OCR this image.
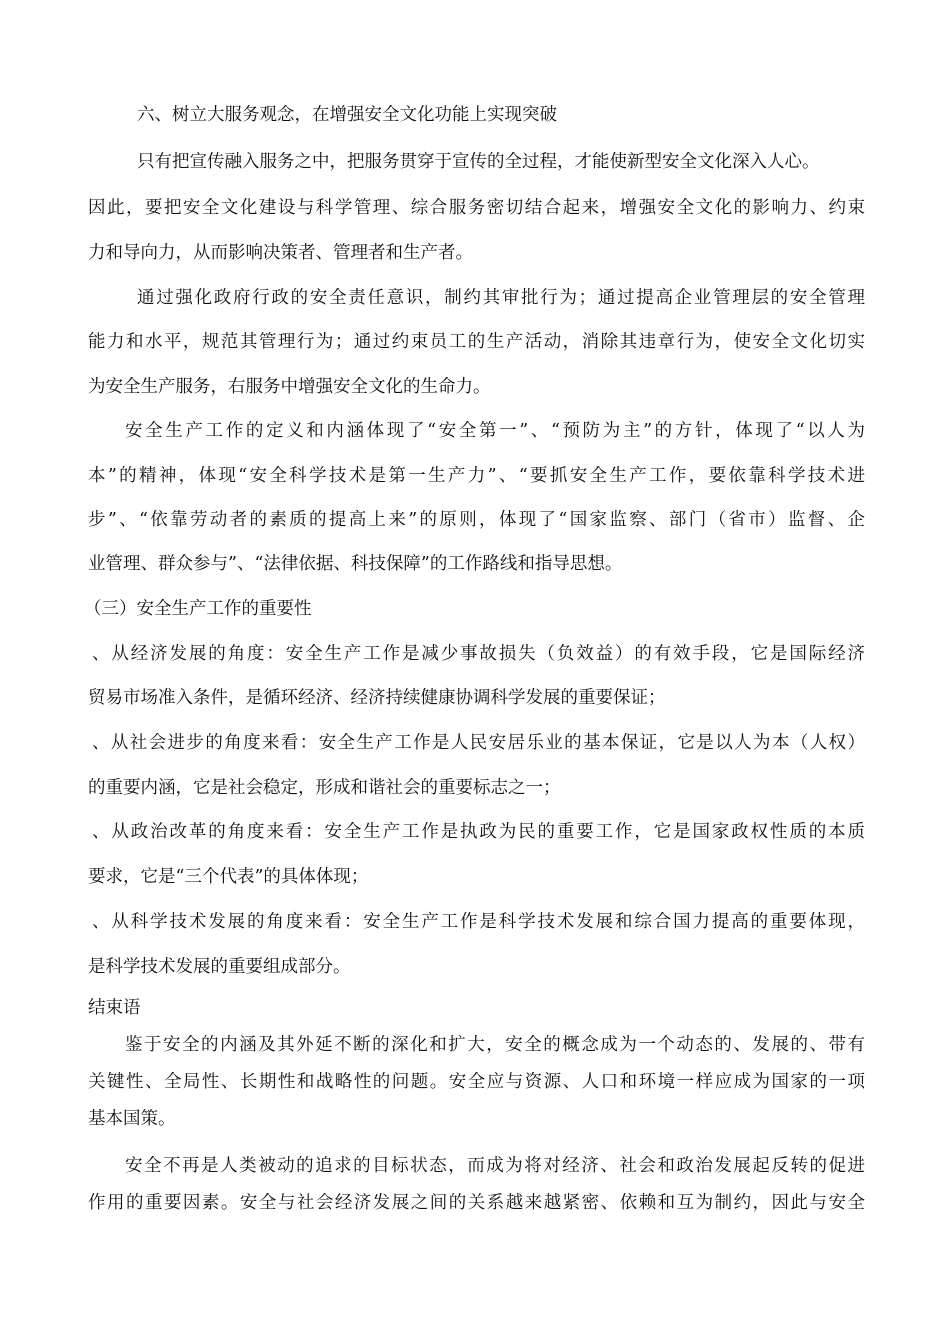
六、树立大服务观念，在增强安全文化功能上实现突破

只有把宣传融入服务之中，把服务贯穿于宣传的全过程，才能使新型安全文化深入人心。

因此，要把安全文化建设与科学管理、综合服务密切结合起来，增强安全文化的影响力、约束

力和导向力，从而影响决策者、管理者和生产者。

通过强化政府行政的安全责任意识，制约其审批行为；通过提高企业管理层的安全管理

能力和水平，规范其管理行为；通过约束员工的生产活动，消除其违章行为，使安全文化切实

为安全生产服务，右服务中增强安全文化的生命力。

安全生产工作的定义和内涵体现了“安全第一”、“预防为主”的方针，体现了“以人为

本”的精神，体现“安全科学技术是第一生产力”、“要抓安全生产工作，要依靠科学技术进

步”、“依靠劳动者的素质的提高上来”的原则，体现了“国家监察、部门（省市）监督、企

业管理、群众参与”、“法律依据、科技保障”的工作路线和指导思想。

（三）安全生产工作的重要性

、从经济发展的角度：安全生产工作是减少事故损失（负效益）的有效手段，它是国际经济

贸易市场准入条件，是循环经济、经济持续健康协调科学发展的重要保证；

、从社会进步的角度来看：安全生产工作是人民安居乐业的基本保证，它是以人为本（人权）

的重要内涵，它是社会稳定，形成和谐社会的重要标志之一；

、从政治改革的角度来看：安全生产工作是执政为民的重要工作，它是国家政权性质的本质

要求，它是“三个代表”的具体体现；

、从科学技术发展的角度来看：安全生产工作是科学技术发展和综合国力提高的重要体现，

是科学技术发展的重要组成部分。

结束语

鉴于安全的内涵及其外延不断的深化和扩大，安全的概念成为一个动态的、发展的、带有

关键性、全局性、长期性和战略性的问题。安全应与资源、人口和环境一样应成为国家的一项

基本国策。

安全不再是人类被动的追求的目标状态，而成为将对经济、社会和政治发展起反转的促进

作用的重要因素。安全与社会经济发展之间的关系越来越紧密、依赖和互为制约，因此与安全
